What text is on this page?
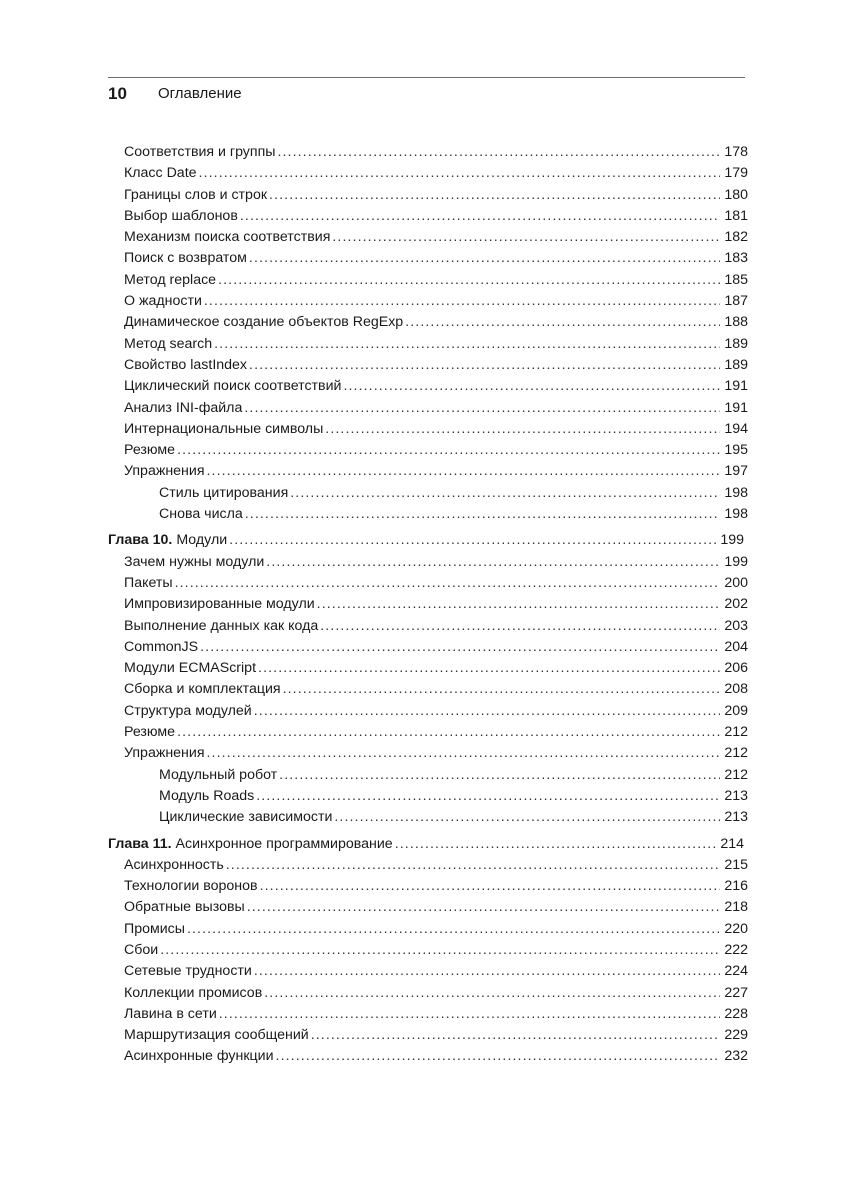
10 Оглавление
Соответствия и группы .....	178
Класс Date .....	179
Границы слов и строк .....	180
Выбор шаблонов .....	181
Механизм поиска соответствия .....	182
Поиск с возвратом .....	183
Метод replace .....	185
О жадности .....	187
Динамическое создание объектов RegExp .....	188
Метод search .....	189
Свойство lastIndex .....	189
Циклический поиск соответствий .....	191
Анализ INI-файла .....	191
Интернациональные символы .....	194
Резюме .....	195
Упражнения .....	197
Стиль цитирования .....	198
Снова числа .....	198
Глава 10. Модули .....	199
Зачем нужны модули .....	199
Пакеты .....	200
Импровизированные модули .....	202
Выполнение данных как кода .....	203
CommonJS .....	204
Модули ECMAScript .....	206
Сборка и комплектация .....	208
Структура модулей .....	209
Резюме .....	212
Упражнения .....	212
Модульный робот .....	212
Модуль Roads .....	213
Циклические зависимости .....	213
Глава 11. Асинхронное программирование .....	214
Асинхронность .....	215
Технологии воронов .....	216
Обратные вызовы .....	218
Промисы .....	220
Сбои .....	222
Сетевые трудности .....	224
Коллекции промисов .....	227
Лавина в сети .....	228
Маршрутизация сообщений .....	229
Асинхронные функции .....	232
